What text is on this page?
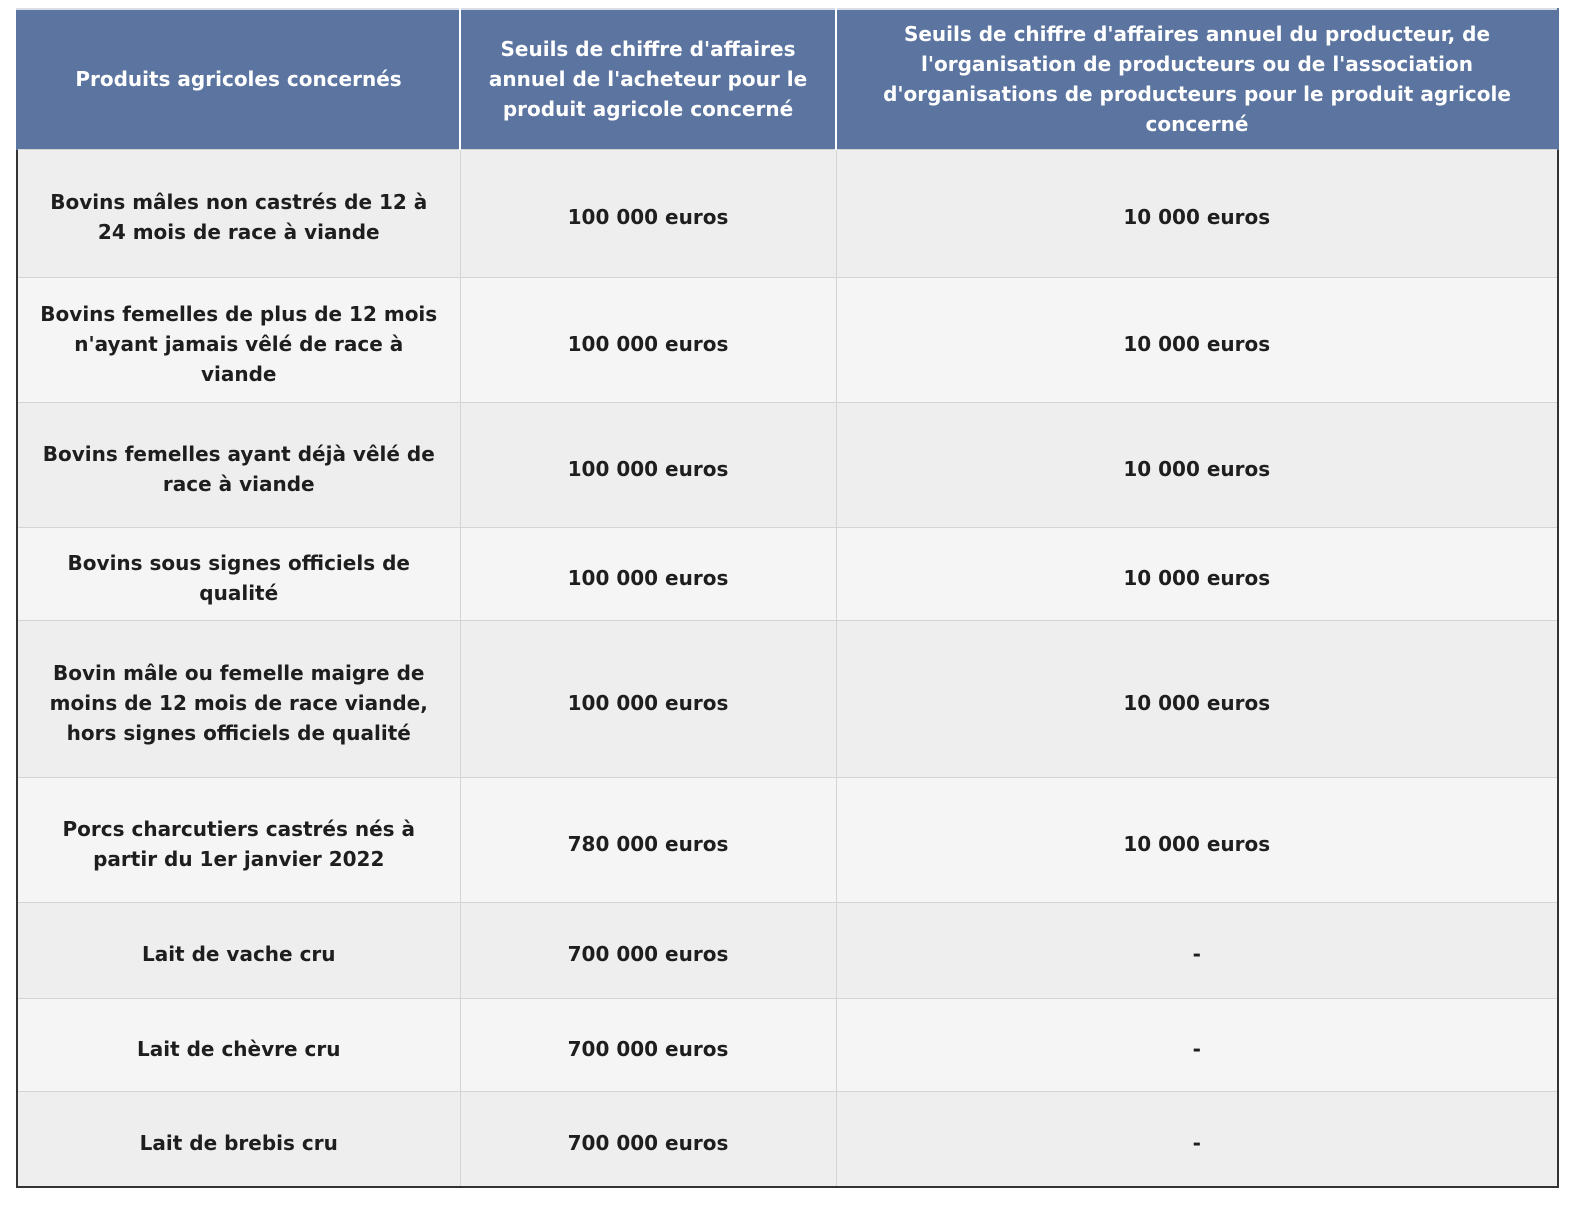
Produits agricoles concernés	Seuils de chiffre d'affaires annuel de l'acheteur pour le produit agricole concerné	Seuils de chiffre d'affaires annuel du producteur, de l'organisation de producteurs ou de l'association d'organisations de producteurs pour le produit agricole concerné
Bovins mâles non castrés de 12 à 24 mois de race à viande	100 000 euros	10 000 euros
Bovins femelles de plus de 12 mois n'ayant jamais vêlé de race à viande	100 000 euros	10 000 euros
Bovins femelles ayant déjà vêlé de race à viande	100 000 euros	10 000 euros
Bovins sous signes officiels de qualité	100 000 euros	10 000 euros
Bovin mâle ou femelle maigre de moins de 12 mois de race viande, hors signes officiels de qualité	100 000 euros	10 000 euros
Porcs charcutiers castrés nés à partir du 1er janvier 2022	780 000 euros	10 000 euros
Lait de vache cru	700 000 euros	-
Lait de chèvre cru	700 000 euros	-
Lait de brebis cru	700 000 euros	-
